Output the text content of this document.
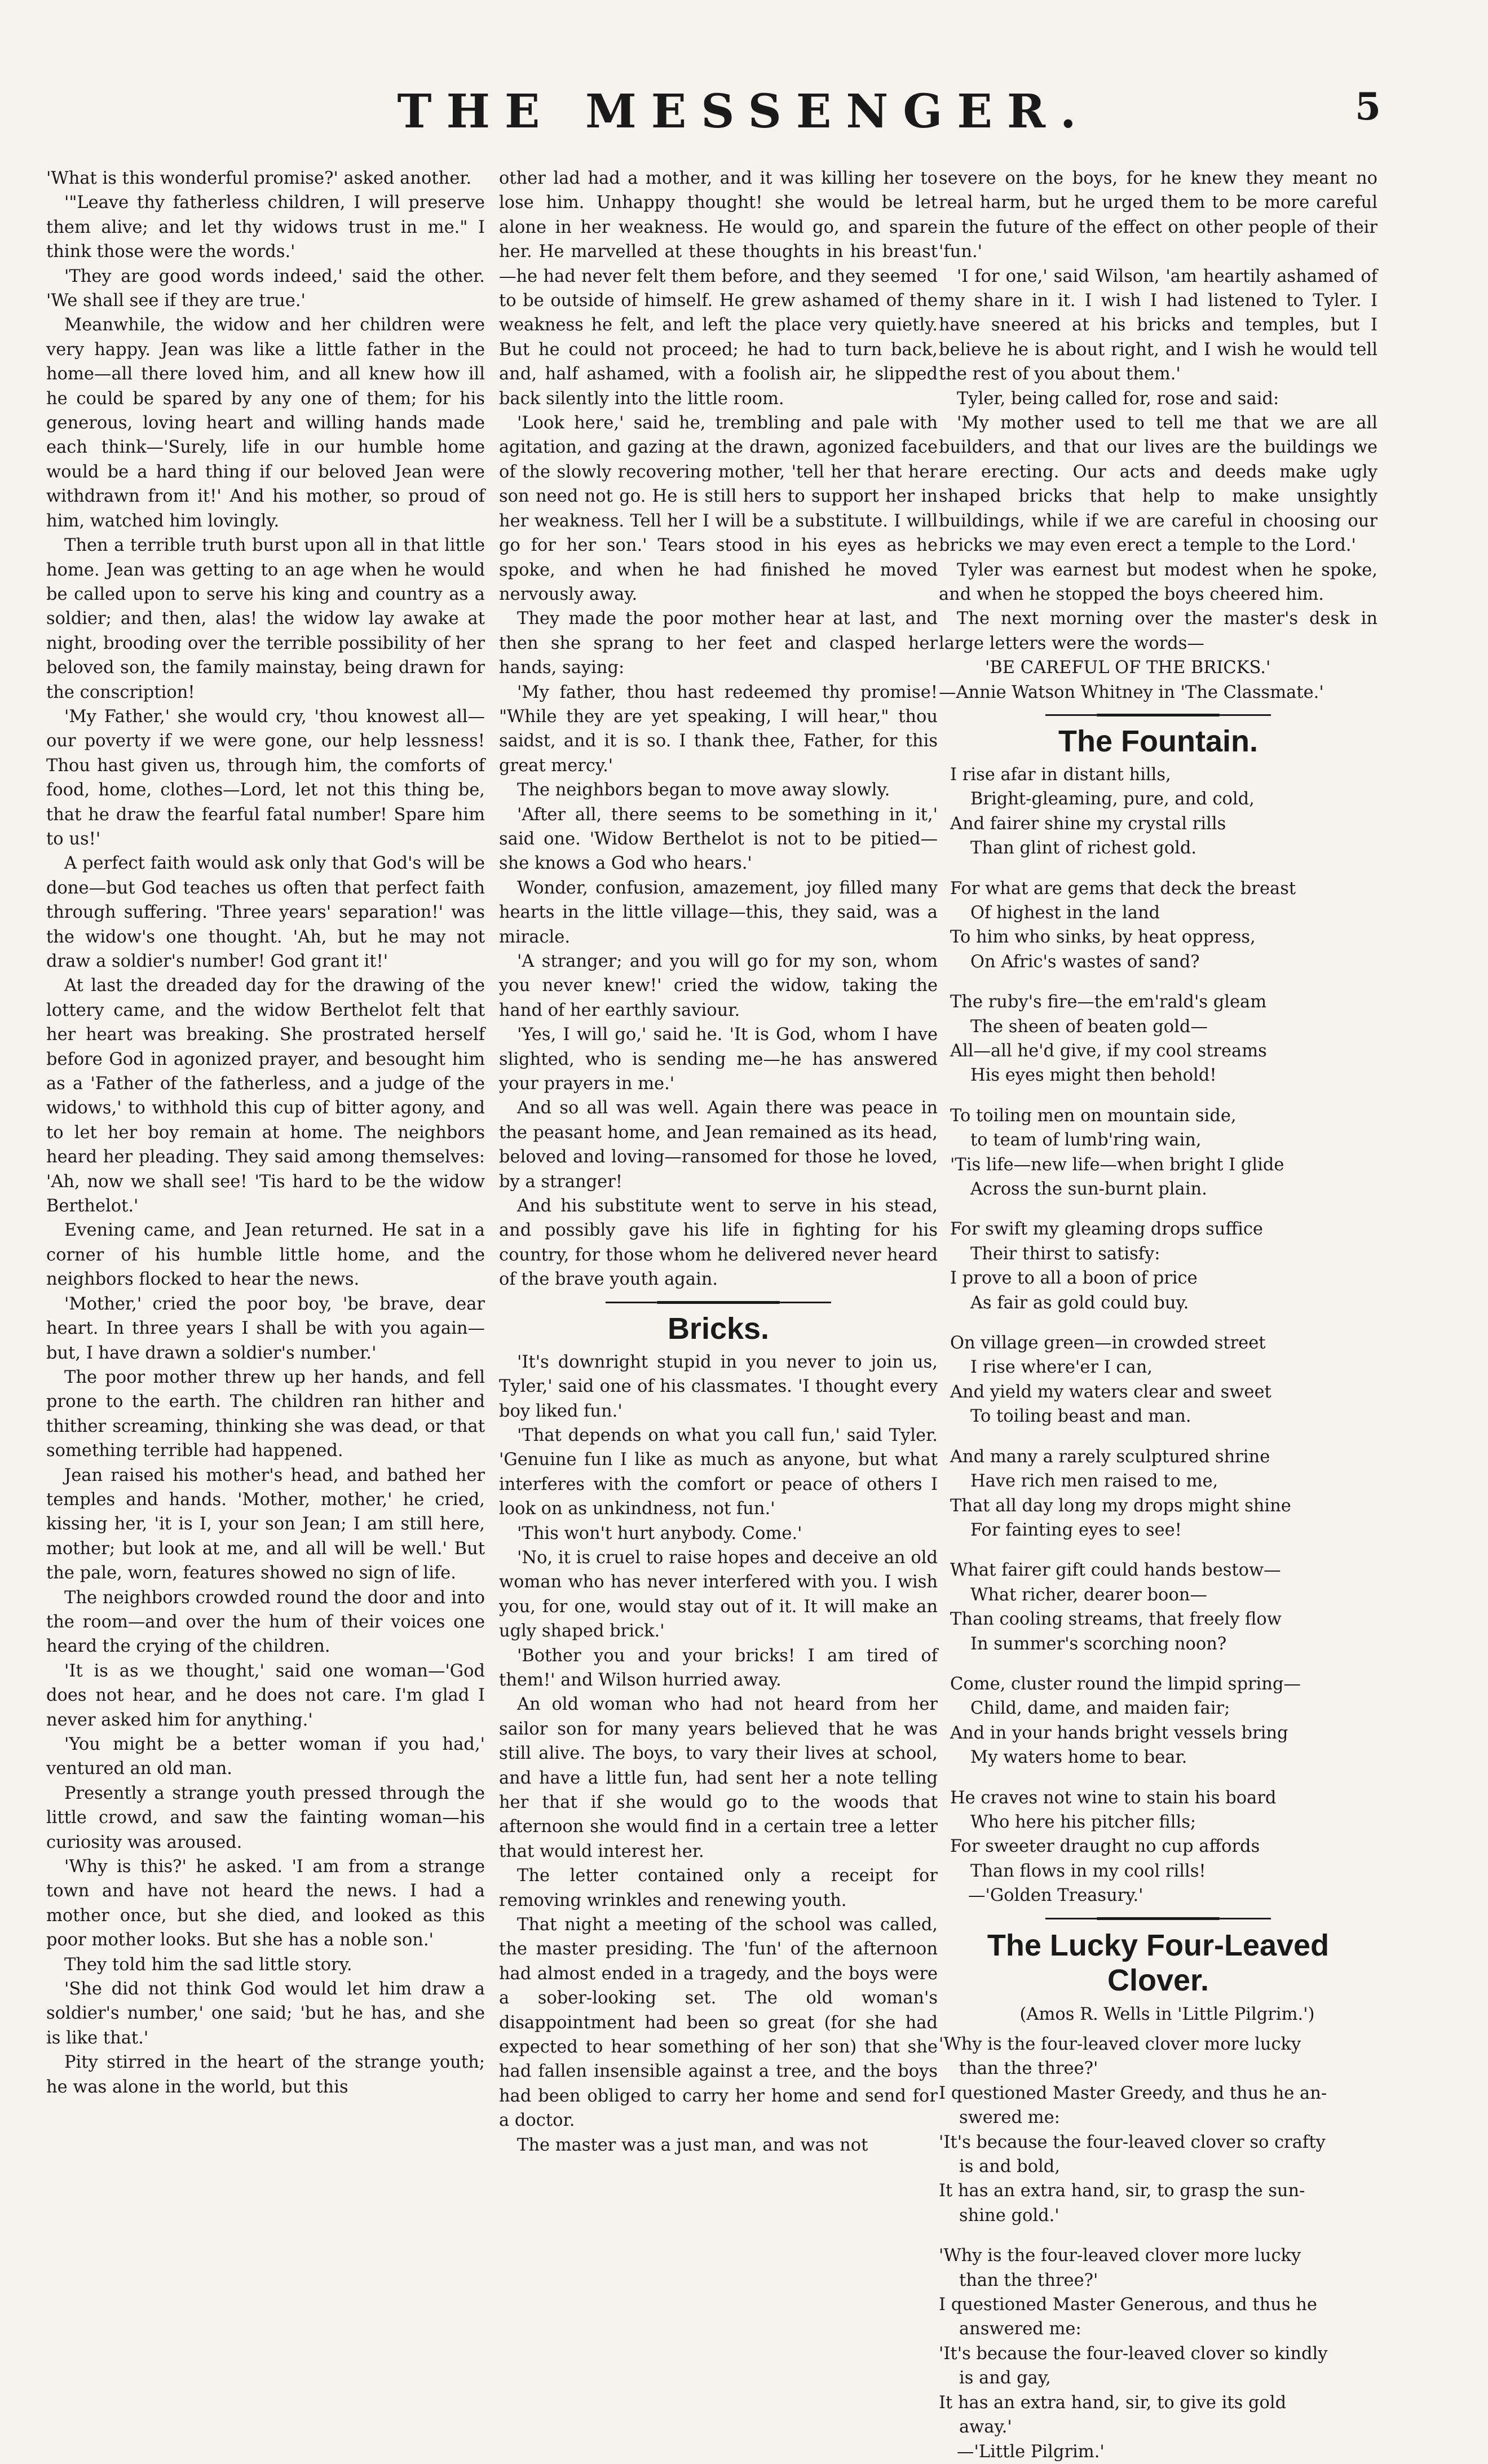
THE MESSENGER.	5

'What is this wonderful promise?' asked another.

'"Leave thy fatherless children, I will preserve them alive; and let thy widows trust in me." I think those were the words.'

'They are good words indeed,' said the other. 'We shall see if they are true.'

Meanwhile, the widow and her children were very happy. Jean was like a little father in the home—all there loved him, and all knew how ill he could be spared by any one of them; for his generous, loving heart and willing hands made each think—'Surely, life in our humble home would be a hard thing if our beloved Jean were withdrawn from it!' And his mother, so proud of him, watched him lovingly.

Then a terrible truth burst upon all in that little home. Jean was getting to an age when he would be called upon to serve his king and country as a soldier; and then, alas! the widow lay awake at night, brooding over the terrible possibility of her beloved son, the family mainstay, being drawn for the conscription!

'My Father,' she would cry, 'thou knowest all—our poverty if we were gone, our help lessness! Thou hast given us, through him, the comforts of food, home, clothes—Lord, let not this thing be, that he draw the fearful fatal number! Spare him to us!'

A perfect faith would ask only that God's will be done—but God teaches us often that perfect faith through suffering. 'Three years' separation!' was the widow's one thought. 'Ah, but he may not draw a soldier's number! God grant it!'

At last the dreaded day for the drawing of the lottery came, and the widow Berthelot felt that her heart was breaking. She prostrated herself before God in agonized prayer, and besought him as a 'Father of the fatherless, and a judge of the widows,' to withhold this cup of bitter agony, and to let her boy remain at home. The neighbors heard her pleading. They said among themselves: 'Ah, now we shall see! 'Tis hard to be the widow Berthelot.'

Evening came, and Jean returned. He sat in a corner of his humble little home, and the neighbors flocked to hear the news.

'Mother,' cried the poor boy, 'be brave, dear heart. In three years I shall be with you again—but, I have drawn a soldier's number.'

The poor mother threw up her hands, and fell prone to the earth. The children ran hither and thither screaming, thinking she was dead, or that something terrible had happened.

Jean raised his mother's head, and bathed her temples and hands. 'Mother, mother,' he cried, kissing her, 'it is I, your son Jean; I am still here, mother; but look at me, and all will be well.' But the pale, worn, features showed no sign of life.

The neighbors crowded round the door and into the room—and over the hum of their voices one heard the crying of the children.

'It is as we thought,' said one woman—'God does not hear, and he does not care. I'm glad I never asked him for anything.'

'You might be a better woman if you had,' ventured an old man.

Presently a strange youth pressed through the little crowd, and saw the fainting woman—his curiosity was aroused.

'Why is this?' he asked. 'I am from a strange town and have not heard the news. I had a mother once, but she died, and looked as this poor mother looks. But she has a noble son.'

They told him the sad little story.

'She did not think God would let him draw a soldier's number,' one said; 'but he has, and she is like that.'

Pity stirred in the heart of the strange youth; he was alone in the world, but this

other lad had a mother, and it was killing her to lose him. Unhappy thought! she would be let alone in her weakness. He would go, and spare her. He marvelled at these thoughts in his breast—he had never felt them before, and they seemed to be outside of himself. He grew ashamed of the weakness he felt, and left the place very quietly. But he could not proceed; he had to turn back, and, half ashamed, with a foolish air, he slipped back silently into the little room.

'Look here,' said he, trembling and pale with agitation, and gazing at the drawn, agonized face of the slowly recovering mother, 'tell her that her son need not go. He is still hers to support her in her weakness. Tell her I will be a substitute. I will go for her son.' Tears stood in his eyes as he spoke, and when he had finished he moved nervously away.

They made the poor mother hear at last, and then she sprang to her feet and clasped her hands, saying:

'My father, thou hast redeemed thy promise! "While they are yet speaking, I will hear," thou saidst, and it is so. I thank thee, Father, for this great mercy.'

The neighbors began to move away slowly.

'After all, there seems to be something in it,' said one. 'Widow Berthelot is not to be pitied—she knows a God who hears.'

Wonder, confusion, amazement, joy filled many hearts in the little village—this, they said, was a miracle.

'A stranger; and you will go for my son, whom you never knew!' cried the widow, taking the hand of her earthly saviour.

'Yes, I will go,' said he. 'It is God, whom I have slighted, who is sending me—he has answered your prayers in me.'

And so all was well. Again there was peace in the peasant home, and Jean remained as its head, beloved and loving—ransomed for those he loved, by a stranger!

And his substitute went to serve in his stead, and possibly gave his life in fighting for his country, for those whom he delivered never heard of the brave youth again.

Bricks.

'It's downright stupid in you never to join us, Tyler,' said one of his classmates. 'I thought every boy liked fun.'

'That depends on what you call fun,' said Tyler. 'Genuine fun I like as much as anyone, but what interferes with the comfort or peace of others I look on as unkindness, not fun.'

'This won't hurt anybody. Come.'

'No, it is cruel to raise hopes and deceive an old woman who has never interfered with you. I wish you, for one, would stay out of it. It will make an ugly shaped brick.'

'Bother you and your bricks! I am tired of them!' and Wilson hurried away.

An old woman who had not heard from her sailor son for many years believed that he was still alive. The boys, to vary their lives at school, and have a little fun, had sent her a note telling her that if she would go to the woods that afternoon she would find in a certain tree a letter that would interest her.

The letter contained only a receipt for removing wrinkles and renewing youth.

That night a meeting of the school was called, the master presiding. The 'fun' of the afternoon had almost ended in a tragedy, and the boys were a sober-looking set. The old woman's disappointment had been so great (for she had expected to hear something of her son) that she had fallen insensible against a tree, and the boys had been obliged to carry her home and send for a doctor.

The master was a just man, and was not

severe on the boys, for he knew they meant no real harm, but he urged them to be more careful in the future of the effect on other people of their 'fun.'

'I for one,' said Wilson, 'am heartily ashamed of my share in it. I wish I had listened to Tyler. I have sneered at his bricks and temples, but I believe he is about right, and I wish he would tell the rest of you about them.'

Tyler, being called for, rose and said:

'My mother used to tell me that we are all builders, and that our lives are the buildings we are erecting. Our acts and deeds make ugly shaped bricks that help to make unsightly buildings, while if we are careful in choosing our bricks we may even erect a temple to the Lord.'

Tyler was earnest but modest when he spoke, and when he stopped the boys cheered him.

The next morning over the master's desk in large letters were the words—

'BE CAREFUL OF THE BRICKS.'

—Annie Watson Whitney in 'The Classmate.'

The Fountain.
I rise afar in distant hills,
Bright-gleaming, pure, and cold,
And fairer shine my crystal rills
Than glint of richest gold.
For what are gems that deck the breast
Of highest in the land
To him who sinks, by heat oppress,
On Afric's wastes of sand?
The ruby's fire—the em'rald's gleam
The sheen of beaten gold—
All—all he'd give, if my cool streams
His eyes might then behold!
To toiling men on mountain side,
to team of lumb'ring wain,
'Tis life—new life—when bright I glide
Across the sun-burnt plain.
For swift my gleaming drops suffice
Their thirst to satisfy:
I prove to all a boon of price
As fair as gold could buy.
On village green—in crowded street
I rise where'er I can,
And yield my waters clear and sweet
To toiling beast and man.
And many a rarely sculptured shrine
Have rich men raised to me,
That all day long my drops might shine
For fainting eyes to see!
What fairer gift could hands bestow—
What richer, dearer boon—
Than cooling streams, that freely flow
In summer's scorching noon?
Come, cluster round the limpid spring—
Child, dame, and maiden fair;
And in your hands bright vessels bring
My waters home to bear.
He craves not wine to stain his board
Who here his pitcher fills;
For sweeter draught no cup affords
Than flows in my cool rills!

—'Golden Treasury.'

The Lucky Four-Leaved Clover.

(Amos R. Wells in 'Little Pilgrim.')

'Why is the four-leaved clover more lucky
than the three?'
I questioned Master Greedy, and thus he an-
swered me:
'It's because the four-leaved clover so crafty
is and bold,
It has an extra hand, sir, to grasp the sun-
shine gold.'
'Why is the four-leaved clover more lucky
than the three?'
I questioned Master Generous, and thus he
answered me:
'It's because the four-leaved clover so kindly
is and gay,
It has an extra hand, sir, to give its gold
away.'

—'Little Pilgrim.'
